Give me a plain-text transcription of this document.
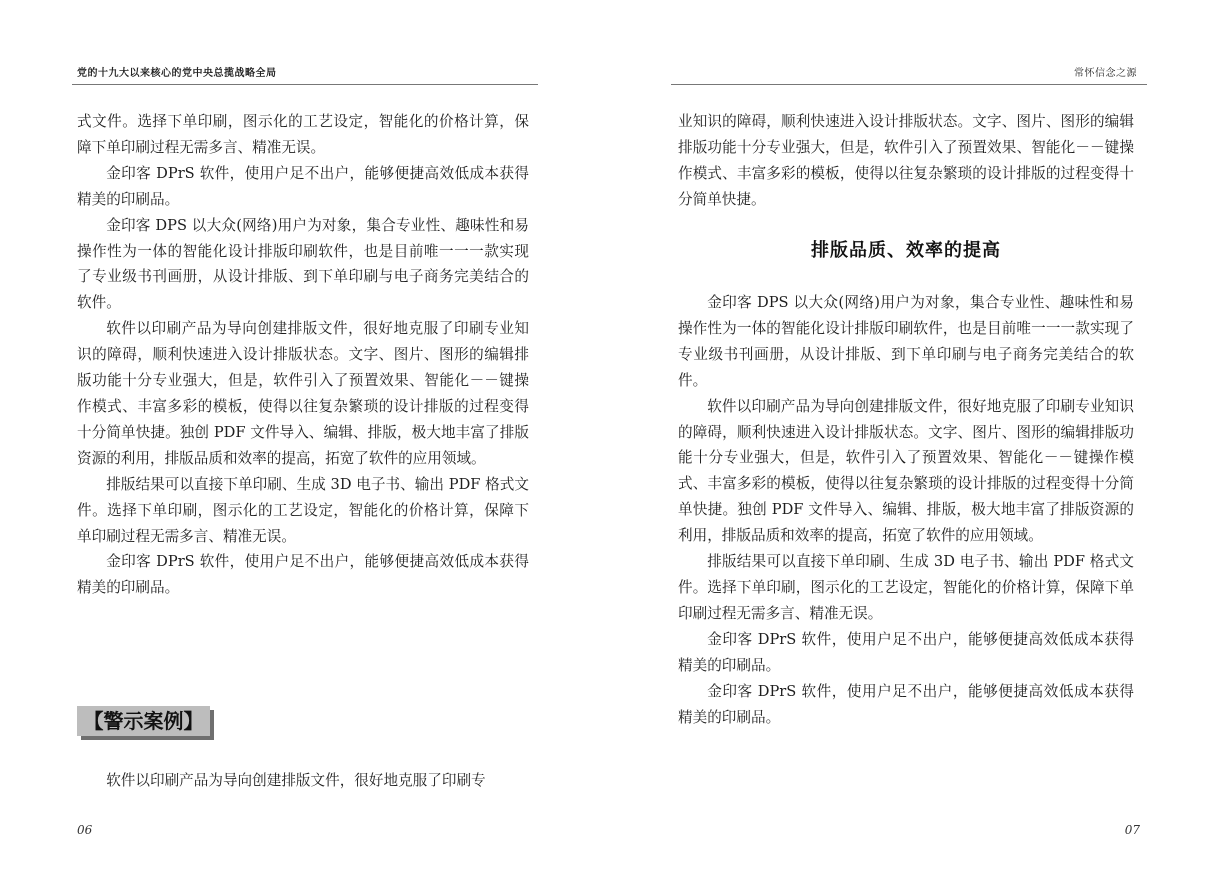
党的十九大以来核心的党中央总揽战略全局

式文件。选择下单印刷，图示化的工艺设定，智能化的价格计算，保障下单印刷过程无需多言、精准无误。

金印客 DPrS 软件，使用户足不出户，能够便捷高效低成本获得精美的印刷品。

金印客 DPS 以大众(网络)用户为对象，集合专业性、趣味性和易操作性为一体的智能化设计排版印刷软件，也是目前唯一一一款实现了专业级书刊画册，从设计排版、到下单印刷与电子商务完美结合的软件。

软件以印刷产品为导向创建排版文件，很好地克服了印刷专业知识的障碍，顺利快速进入设计排版状态。文字、图片、图形的编辑排版功能十分专业强大，但是，软件引入了预置效果、智能化－－键操作模式、丰富多彩的模板，使得以往复杂繁琐的设计排版的过程变得十分简单快捷。独创 PDF 文件导入、编辑、排版，极大地丰富了排版资源的利用，排版品质和效率的提高，拓宽了软件的应用领域。

排版结果可以直接下单印刷、生成 3D 电子书、输出 PDF 格式文件。选择下单印刷，图示化的工艺设定，智能化的价格计算，保障下单印刷过程无需多言、精准无误。

金印客 DPrS 软件，使用户足不出户，能够便捷高效低成本获得精美的印刷品。

【警示案例】

软件以印刷产品为导向创建排版文件，很好地克服了印刷专

06
常怀信念之源

业知识的障碍，顺利快速进入设计排版状态。文字、图片、图形的编辑排版功能十分专业强大，但是，软件引入了预置效果、智能化－－键操作模式、丰富多彩的模板，使得以往复杂繁琐的设计排版的过程变得十分简单快捷。

排版品质、效率的提高

金印客 DPS 以大众(网络)用户为对象，集合专业性、趣味性和易操作性为一体的智能化设计排版印刷软件，也是目前唯一一一款实现了专业级书刊画册，从设计排版、到下单印刷与电子商务完美结合的软件。

软件以印刷产品为导向创建排版文件，很好地克服了印刷专业知识的障碍，顺利快速进入设计排版状态。文字、图片、图形的编辑排版功能十分专业强大，但是，软件引入了预置效果、智能化－－键操作模式、丰富多彩的模板，使得以往复杂繁琐的设计排版的过程变得十分简单快捷。独创 PDF 文件导入、编辑、排版，极大地丰富了排版资源的利用，排版品质和效率的提高，拓宽了软件的应用领域。

排版结果可以直接下单印刷、生成 3D 电子书、输出 PDF 格式文件。选择下单印刷，图示化的工艺设定，智能化的价格计算，保障下单印刷过程无需多言、精准无误。

金印客 DPrS 软件，使用户足不出户，能够便捷高效低成本获得精美的印刷品。

金印客 DPrS 软件，使用户足不出户，能够便捷高效低成本获得精美的印刷品。

07
